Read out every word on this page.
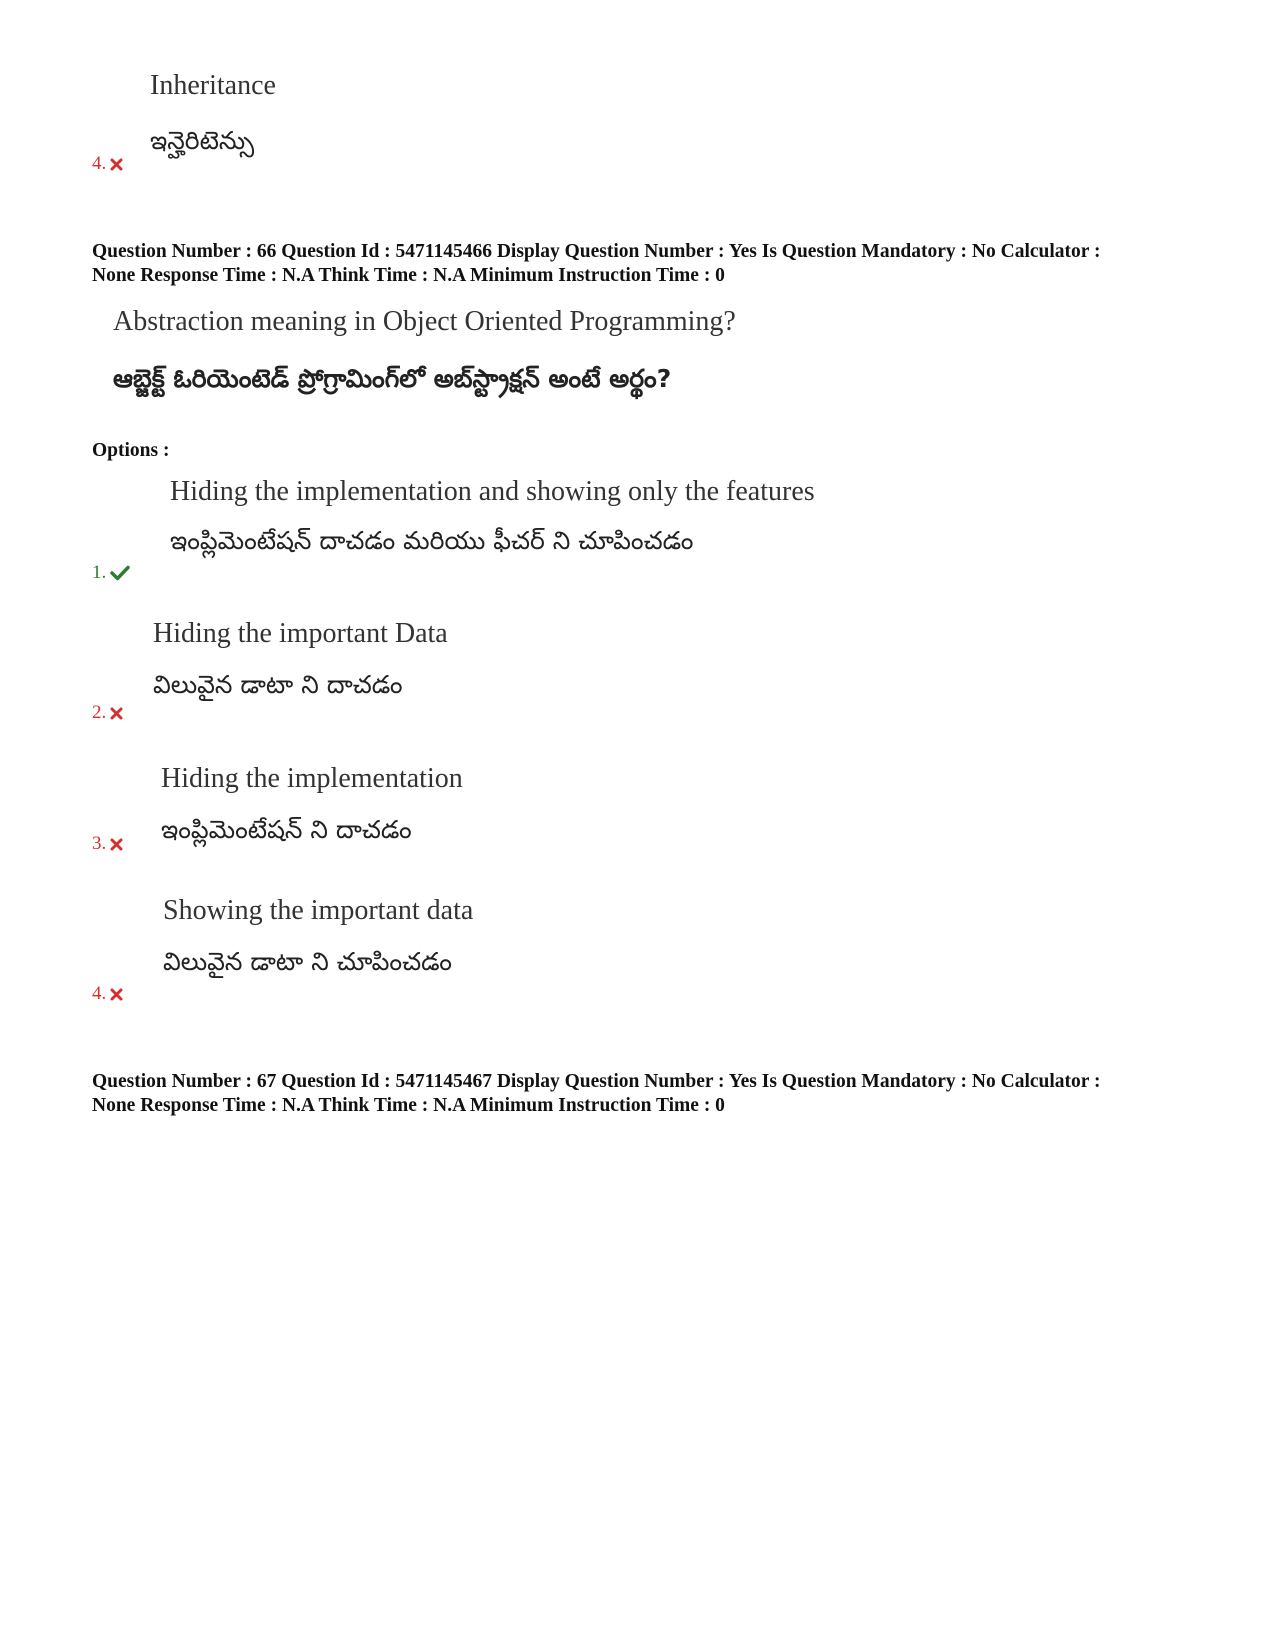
Inheritance
ఇన్హెరిటెన్సు
4.
Question Number : 66 Question Id : 5471145466 Display Question Number : Yes Is Question Mandatory : No Calculator :
None Response Time : N.A Think Time : N.A Minimum Instruction Time : 0
Abstraction meaning in Object Oriented Programming?
ఆబ్జెక్ట్ ఓరియెంటెడ్ ప్రోగ్రామింగ్‌లో అబ్‌స్ట్రాక్షన్ అంటే అర్థం?
Options :
Hiding the implementation and showing only the features
ఇంప్లిమెంటేషన్ దాచడం మరియు ఫీచర్ ని చూపించడం
1.
Hiding the important Data
విలువైన డాటా ని దాచడం
2.
Hiding the implementation
ఇంప్లిమెంటేషన్ ని దాచడం
3.
Showing the important data
విలువైన డాటా ని చూపించడం
4.
Question Number : 67 Question Id : 5471145467 Display Question Number : Yes Is Question Mandatory : No Calculator :
None Response Time : N.A Think Time : N.A Minimum Instruction Time : 0
